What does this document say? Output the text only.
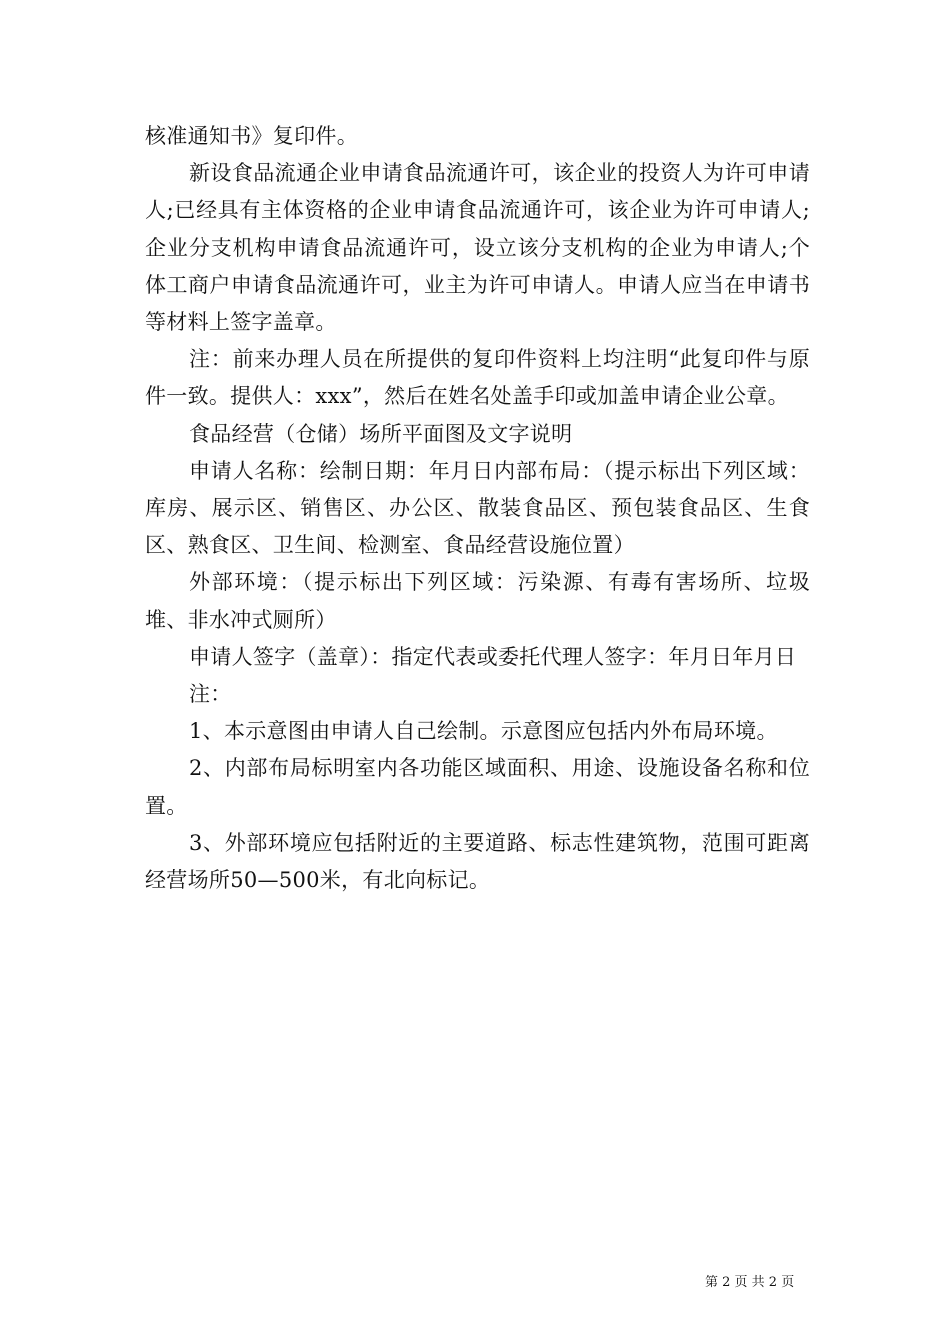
核准通知书》复印件。

新设食品流通企业申请食品流通许可，该企业的投资人为许可申请人;已经具有主体资格的企业申请食品流通许可，该企业为许可申请人;企业分支机构申请食品流通许可，设立该分支机构的企业为申请人;个体工商户申请食品流通许可，业主为许可申请人。申请人应当在申请书等材料上签字盖章。

注：前来办理人员在所提供的复印件资料上均注明“此复印件与原件一致。提供人：xxx”，然后在姓名处盖手印或加盖申请企业公章。

食品经营（仓储）场所平面图及文字说明

申请人名称：绘制日期：年月日内部布局：（提示标出下列区域：库房、展示区、销售区、办公区、散装食品区、预包装食品区、生食区、熟食区、卫生间、检测室、食品经营设施位置）

外部环境：（提示标出下列区域：污染源、有毒有害场所、垃圾堆、非水冲式厕所）

申请人签字（盖章）：指定代表或委托代理人签字：年月日年月日

注：

1、本示意图由申请人自己绘制。示意图应包括内外布局环境。

2、内部布局标明室内各功能区域面积、用途、设施设备名称和位置。

3、外部环境应包括附近的主要道路、标志性建筑物，范围可距离经营场所50—500米，有北向标记。

第 2 页 共 2 页
